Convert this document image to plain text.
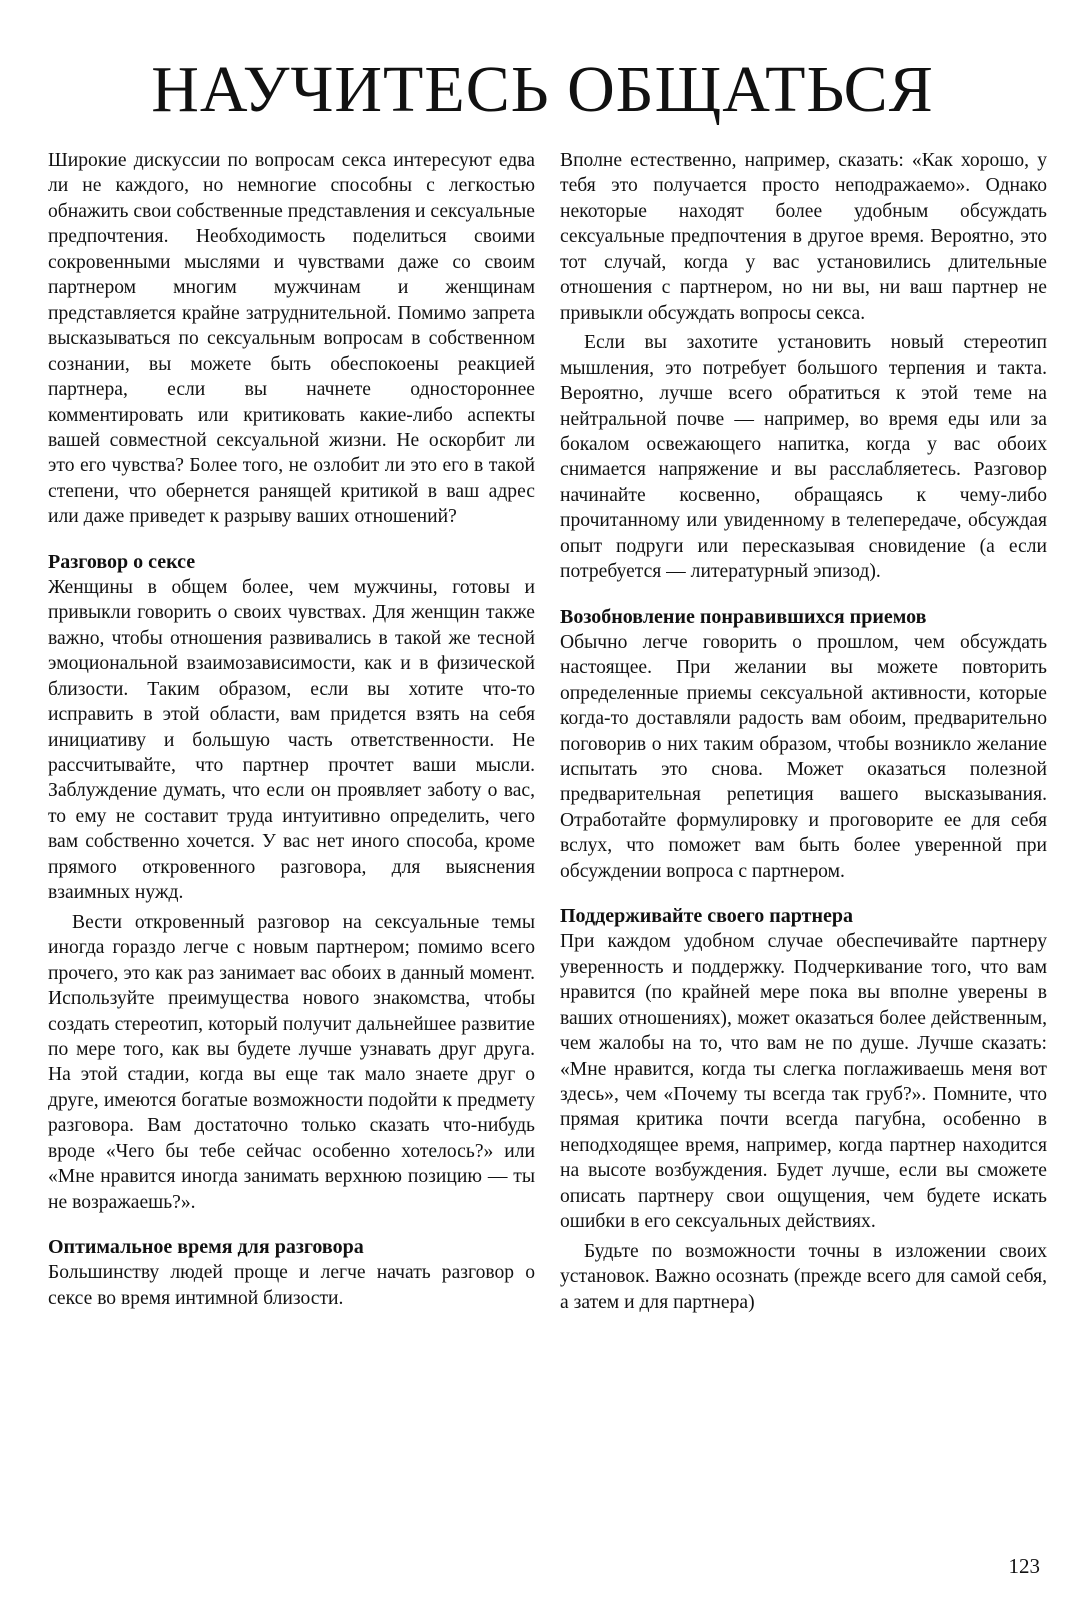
НАУЧИТЕСЬ ОБЩАТЬСЯ

Широкие дискуссии по вопросам секса интересуют едва ли не каждого, но немногие способны с легкостью обнажить свои собственные представления и сексуальные предпочтения. Необходимость поделиться своими сокровенными мыслями и чувствами даже со своим партнером многим мужчинам и женщинам представляется крайне затруднительной. Помимо запрета высказываться по сексуальным вопросам в собственном сознании, вы можете быть обеспокоены реакцией партнера, если вы начнете одностороннее комментировать или критиковать какие-либо аспекты вашей совместной сексуальной жизни. Не оскорбит ли это его чувства? Более того, не озлобит ли это его в такой степени, что обернется ранящей критикой в ваш адрес или даже приведет к разрыву ваших отношений?

Разговор о сексе

Женщины в общем более, чем мужчины, готовы и привыкли говорить о своих чувствах. Для женщин также важно, чтобы отношения развивались в такой же тесной эмоциональной взаимозависимости, как и в физической близости. Таким образом, если вы хотите что-то исправить в этой области, вам придется взять на себя инициативу и большую часть ответственности. Не рассчитывайте, что партнер прочтет ваши мысли. Заблуждение думать, что если он проявляет заботу о вас, то ему не составит труда интуитивно определить, чего вам собственно хочется. У вас нет иного способа, кроме прямого откровенного разговора, для выяснения взаимных нужд.

Вести откровенный разговор на сексуальные темы иногда гораздо легче с новым партнером; помимо всего прочего, это как раз занимает вас обоих в данный момент. Используйте преимущества нового знакомства, чтобы создать стереотип, который получит дальнейшее развитие по мере того, как вы будете лучше узнавать друг друга. На этой стадии, когда вы еще так мало знаете друг о друге, имеются богатые возможности подойти к предмету разговора. Вам достаточно только сказать что-нибудь вроде «Чего бы тебе сейчас особенно хотелось?» или «Мне нравится иногда занимать верхнюю позицию — ты не возражаешь?».

Оптимальное время для разговора

Большинству людей проще и легче начать разговор о сексе во время интимной близости.

Вполне естественно, например, сказать: «Как хорошо, у тебя это получается просто неподражаемо». Однако некоторые находят более удобным обсуждать сексуальные предпочтения в другое время. Вероятно, это тот случай, когда у вас установились длительные отношения с партнером, но ни вы, ни ваш партнер не привыкли обсуждать вопросы секса.

Если вы захотите установить новый стереотип мышления, это потребует большого терпения и такта. Вероятно, лучше всего обратиться к этой теме на нейтральной почве — например, во время еды или за бокалом освежающего напитка, когда у вас обоих снимается напряжение и вы расслабляетесь. Разговор начинайте косвенно, обращаясь к чему-либо прочитанному или увиденному в телепередаче, обсуждая опыт подруги или пересказывая сновидение (а если потребуется — литературный эпизод).

Возобновление понравившихся приемов

Обычно легче говорить о прошлом, чем обсуждать настоящее. При желании вы можете повторить определенные приемы сексуальной активности, которые когда-то доставляли радость вам обоим, предварительно поговорив о них таким образом, чтобы возникло желание испытать это снова. Может оказаться полезной предварительная репетиция вашего высказывания. Отработайте формулировку и проговорите ее для себя вслух, что поможет вам быть более уверенной при обсуждении вопроса с партнером.

Поддерживайте своего партнера

При каждом удобном случае обеспечивайте партнеру уверенность и поддержку. Подчеркивание того, что вам нравится (по крайней мере пока вы вполне уверены в ваших отношениях), может оказаться более действенным, чем жалобы на то, что вам не по душе. Лучше сказать: «Мне нравится, когда ты слегка поглаживаешь меня вот здесь», чем «Почему ты всегда так груб?». Помните, что прямая критика почти всегда пагубна, особенно в неподходящее время, например, когда партнер находится на высоте возбуждения. Будет лучше, если вы сможете описать партнеру свои ощущения, чем будете искать ошибки в его сексуальных действиях.

Будьте по возможности точны в изложении своих установок. Важно осознать (прежде всего для самой себя, а затем и для партнера)

123
